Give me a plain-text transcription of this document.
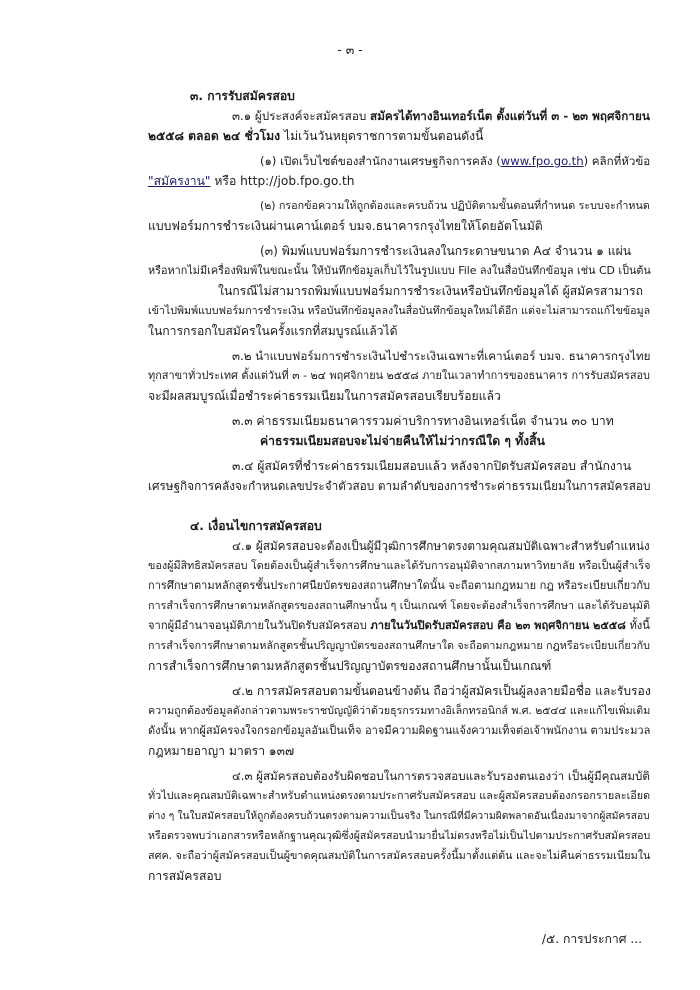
- ๓ -
๓. การรับสมัครสอบ
๓.๑ ผู้ประสงค์จะสมัครสอบ สมัครได้ทางอินเทอร์เน็ต ตั้งแต่วันที่ ๓ - ๒๓ พฤศจิกายน
๒๕๕๘ ตลอด ๒๔ ชั่วโมง ไม่เว้นวันหยุดราชการตามขั้นตอนดังนี้
(๑) เปิดเว็บไซต์ของสำนักงานเศรษฐกิจการคลัง (www.fpo.go.th) คลิกที่หัวข้อ
"สมัครงาน" หรือ http://job.fpo.go.th
(๒) กรอกข้อความให้ถูกต้องและครบถ้วน ปฏิบัติตามขั้นตอนที่กำหนด ระบบจะกำหนด
แบบฟอร์มการชำระเงินผ่านเคาน์เตอร์ บมจ.ธนาคารกรุงไทยให้โดยอัตโนมัติ
(๓) พิมพ์แบบฟอร์มการชำระเงินลงในกระดาษขนาด A๔ จำนวน ๑ แผ่น
หรือหากไม่มีเครื่องพิมพ์ในขณะนั้น ให้บันทึกข้อมูลเก็บไว้ในรูปแบบ File ลงในสื่อบันทึกข้อมูล เช่น CD เป็นต้น
ในกรณีไม่สามารถพิมพ์แบบฟอร์มการชำระเงินหรือบันทึกข้อมูลได้ ผู้สมัครสามารถ
เข้าไปพิมพ์แบบฟอร์มการชำระเงิน หรือบันทึกข้อมูลลงในสื่อบันทึกข้อมูลใหม่ได้อีก แต่จะไม่สามารถแก้ไขข้อมูล
ในการกรอกใบสมัครในครั้งแรกที่สมบูรณ์แล้วได้
๓.๒ นำแบบฟอร์มการชำระเงินไปชำระเงินเฉพาะที่เคาน์เตอร์ บมจ. ธนาคารกรุงไทย
ทุกสาขาทั่วประเทศ ตั้งแต่วันที่ ๓ - ๒๔ พฤศจิกายน ๒๕๕๘ ภายในเวลาทำการของธนาคาร การรับสมัครสอบ
จะมีผลสมบูรณ์เมื่อชำระค่าธรรมเนียมในการสมัครสอบเรียบร้อยแล้ว
๓.๓ ค่าธรรมเนียมธนาคารรวมค่าบริการทางอินเทอร์เน็ต จำนวน ๓๐ บาท
ค่าธรรมเนียมสอบจะไม่จ่ายคืนให้ไม่ว่ากรณีใด ๆ ทั้งสิ้น
๓.๔ ผู้สมัครที่ชำระค่าธรรมเนียมสอบแล้ว หลังจากปิดรับสมัครสอบ สำนักงาน
เศรษฐกิจการคลังจะกำหนดเลขประจำตัวสอบ ตามลำดับของการชำระค่าธรรมเนียมในการสมัครสอบ
๔. เงื่อนไขการสมัครสอบ
๔.๑ ผู้สมัครสอบจะต้องเป็นผู้มีวุฒิการศึกษาตรงตามคุณสมบัติเฉพาะสำหรับตำแหน่ง
ของผู้มีสิทธิสมัครสอบ โดยต้องเป็นผู้สำเร็จการศึกษาและได้รับการอนุมัติจากสภามหาวิทยาลัย หรือเป็นผู้สำเร็จ
การศึกษาตามหลักสูตรชั้นประกาศนียบัตรของสถานศึกษาใดนั้น จะถือตามกฎหมาย กฎ หรือระเบียบเกี่ยวกับ
การสำเร็จการศึกษาตามหลักสูตรของสถานศึกษานั้น ๆ เป็นเกณฑ์ โดยจะต้องสำเร็จการศึกษา และได้รับอนุมัติ
จากผู้มีอำนาจอนุมัติภายในวันปิดรับสมัครสอบ ภายในวันปิดรับสมัครสอบ คือ ๒๓ พฤศจิกายน ๒๕๕๘ ทั้งนี้
การสำเร็จการศึกษาตามหลักสูตรชั้นปริญญาบัตรของสถานศึกษาใด จะถือตามกฎหมาย กฎหรือระเบียบเกี่ยวกับ
การสำเร็จการศึกษาตามหลักสูตรชั้นปริญญาบัตรของสถานศึกษานั้นเป็นเกณฑ์
๔.๒ การสมัครสอบตามขั้นตอนข้างต้น ถือว่าผู้สมัครเป็นผู้ลงลายมือชื่อ และรับรอง
ความถูกต้องข้อมูลดังกล่าวตามพระราชบัญญัติว่าด้วยธุรกรรมทางอิเล็กทรอนิกส์ พ.ศ. ๒๕๔๔ และแก้ไขเพิ่มเติม
ดังนั้น หากผู้สมัครจงใจกรอกข้อมูลอันเป็นเท็จ อาจมีความผิดฐานแจ้งความเท็จต่อเจ้าพนักงาน ตามประมวล
กฎหมายอาญา มาตรา ๑๓๗
๔.๓ ผู้สมัครสอบต้องรับผิดชอบในการตรวจสอบและรับรองตนเองว่า เป็นผู้มีคุณสมบัติ
ทั่วไปและคุณสมบัติเฉพาะสำหรับตำแหน่งตรงตามประกาศรับสมัครสอบ และผู้สมัครสอบต้องกรอกรายละเอียด
ต่าง ๆ ในใบสมัครสอบให้ถูกต้องครบถ้วนตรงตามความเป็นจริง ในกรณีที่มีความผิดพลาดอันเนื่องมาจากผู้สมัครสอบ
หรือตรวจพบว่าเอกสารหรือหลักฐานคุณวุฒิซึ่งผู้สมัครสอบนำมายื่นไม่ตรงหรือไม่เป็นไปตามประกาศรับสมัครสอบ
สศค. จะถือว่าผู้สมัครสอบเป็นผู้ขาดคุณสมบัติในการสมัครสอบครั้งนี้มาตั้งแต่ต้น และจะไม่คืนค่าธรรมเนียมใน
การสมัครสอบ
/๕. การประกาศ ...
